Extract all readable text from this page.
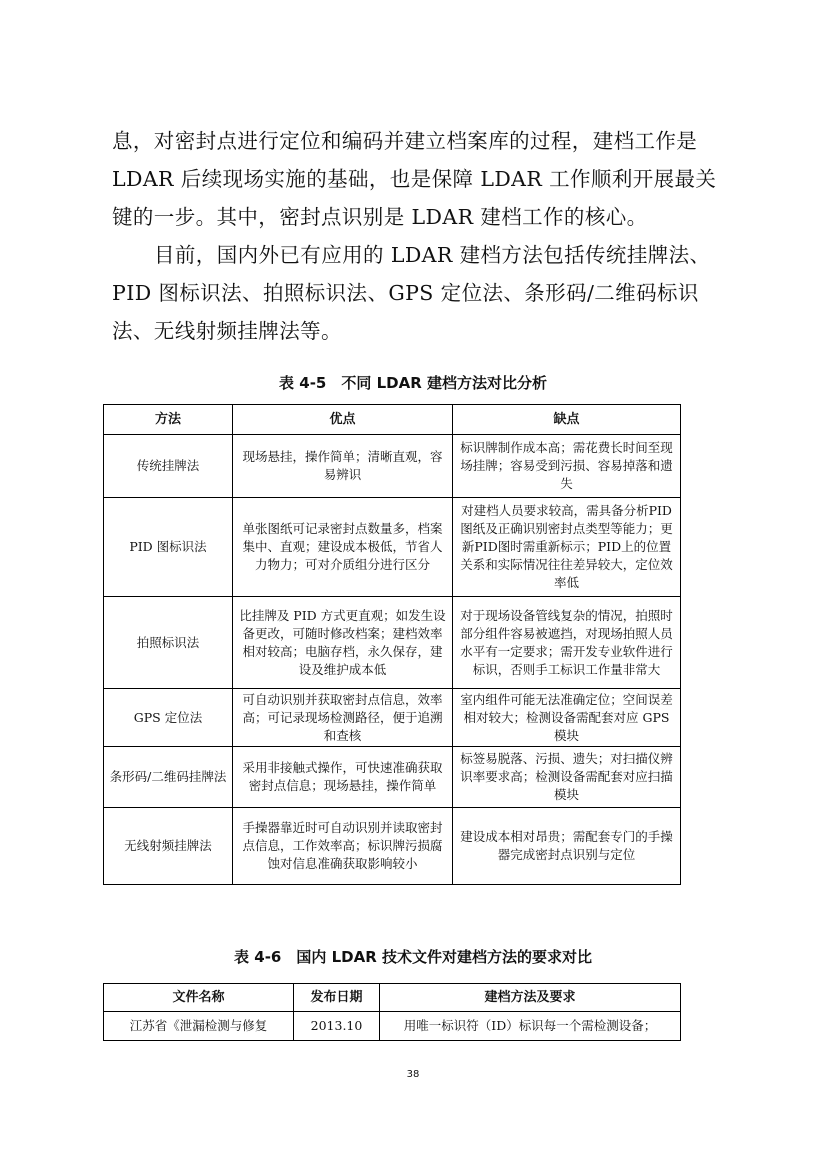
息，对密封点进行定位和编码并建立档案库的过程，建档工作是LDAR 后续现场实施的基础，也是保障 LDAR 工作顺利开展最关键的一步。其中，密封点识别是 LDAR 建档工作的核心。

目前，国内外已有应用的 LDAR 建档方法包括传统挂牌法、PID 图标识法、拍照标识法、GPS 定位法、条形码/二维码标识法、无线射频挂牌法等。

表 4-5　不同 LDAR 建档方法对比分析
方法	优点	缺点
传统挂牌法	现场悬挂，操作简单；清晰直观，容易辨识	标识牌制作成本高；需花费长时间至现场挂牌；容易受到污损、容易掉落和遗失
PID 图标识法	单张图纸可记录密封点数量多，档案集中、直观；建设成本极低，节省人力物力；可对介质组分进行区分	对建档人员要求较高，需具备分析PID图纸及正确识别密封点类型等能力；更新PID图时需重新标示；PID上的位置关系和实际情况往往差异较大，定位效率低
拍照标识法	比挂牌及 PID 方式更直观；如发生设备更改，可随时修改档案；建档效率相对较高；电脑存档，永久保存，建设及维护成本低	对于现场设备管线复杂的情况，拍照时部分组件容易被遮挡，对现场拍照人员水平有一定要求；需开发专业软件进行标识，否则手工标识工作量非常大
GPS 定位法	可自动识别并获取密封点信息，效率高；可记录现场检测路径，便于追溯和查核	室内组件可能无法准确定位；空间误差相对较大；检测设备需配套对应 GPS 模块
条形码/二维码挂牌法	采用非接触式操作，可快速准确获取密封点信息；现场悬挂，操作简单	标签易脱落、污损、遗失；对扫描仪辨识率要求高；检测设备需配套对应扫描模块
无线射频挂牌法	手操器靠近时可自动识别并读取密封点信息，工作效率高；标识牌污损腐蚀对信息准确获取影响较小	建设成本相对昂贵；需配套专门的手操器完成密封点识别与定位
表 4-6　国内 LDAR 技术文件对建档方法的要求对比
文件名称	发布日期	建档方法及要求
江苏省《泄漏检测与修复	2013.10	用唯一标识符（ID）标识每一个需检测设备；
38
